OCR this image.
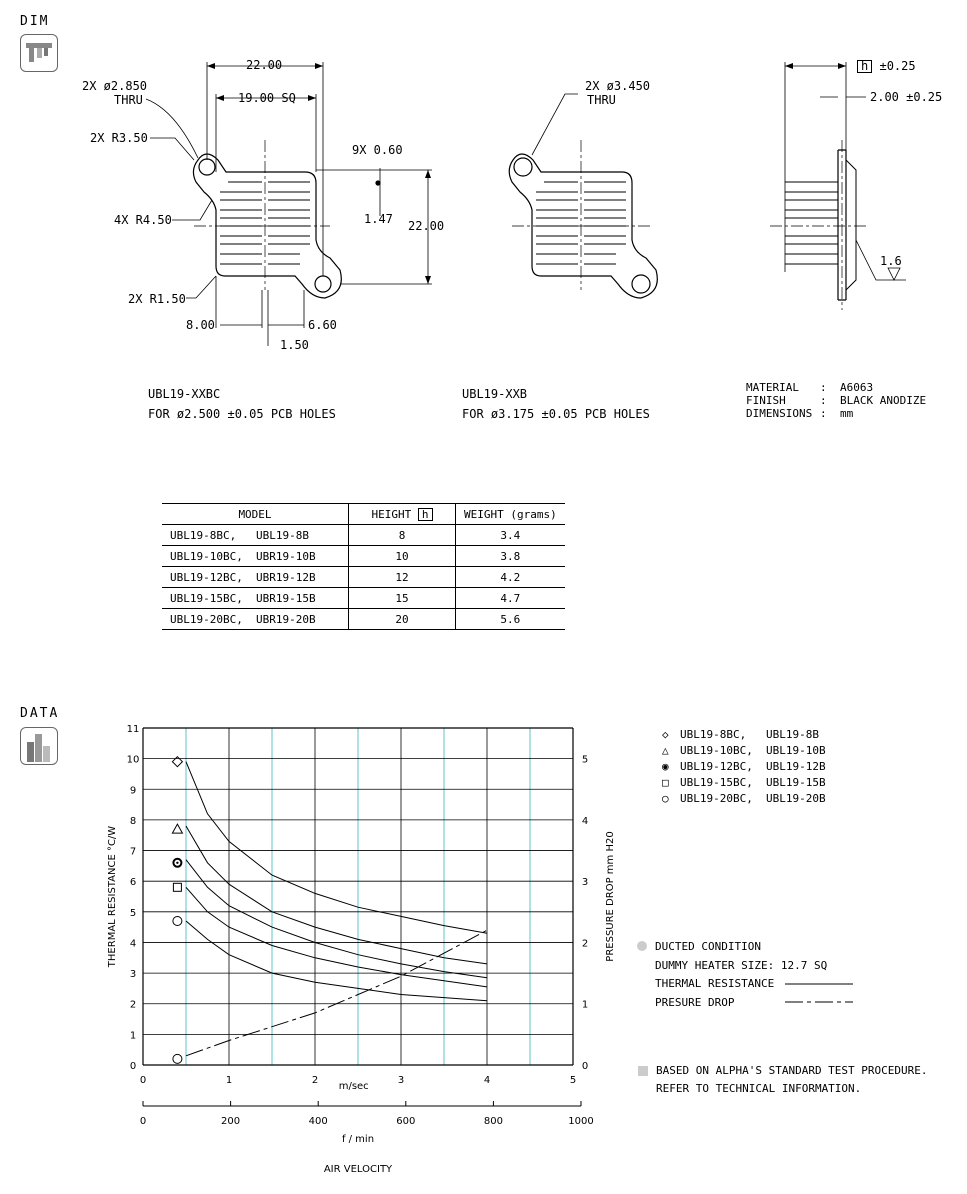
DIM
22.00
19.00 SQ
2X ø2.850
THRU
2X R3.50
9X 0.60
4X R4.50	1.47 22.00
2X R1.50
8.00	6.60
1.50
2X ø3.450
THRU
h ±0.25
2.00 ±0.25
1.6
UBL19-XXBC
FOR ø2.500 ±0.05 PCB HOLES
UBL19-XXB
FOR ø3.175 ±0.05 PCB HOLES
MATERIAL : A6063
FINISH	: BLACK ANODIZE
DIMENSIONS : mm
MODEL	HEIGHT h	WEIGHT (grams)
UBL19-8BC, UBL19-8B	8	3.4
UBL19-10BC, UBR19-10B	10	3.8
UBL19-12BC, UBR19-12B	12	4.2
UBL19-15BC, UBR19-15B	15	4.7
UBL19-20BC, UBR19-20B	20	5.6
DATA
0
1
2
3
4
5
6
7
8
9
10
11
0
1
2
3
4
5
0	1	2	3	4	5
0	200	400	600	800	1000
m/sec
f / min
AIR VELOCITY
THERMAL RESISTANCE °C/W	PRESSURE DROP mm H20
◇ UBL19-8BC, UBL19-8B
△ UBL19-10BC, UBL19-10B
◉ UBL19-12BC, UBL19-12B
□ UBL19-15BC, UBL19-15B
○ UBL19-20BC, UBL19-20B
DUCTED CONDITION
DUMMY HEATER SIZE: 12.7 SQ
THERMAL RESISTANCE
PRESURE DROP
BASED ON ALPHA'S STANDARD TEST PROCEDURE.
REFER TO TECHNICAL INFORMATION.
